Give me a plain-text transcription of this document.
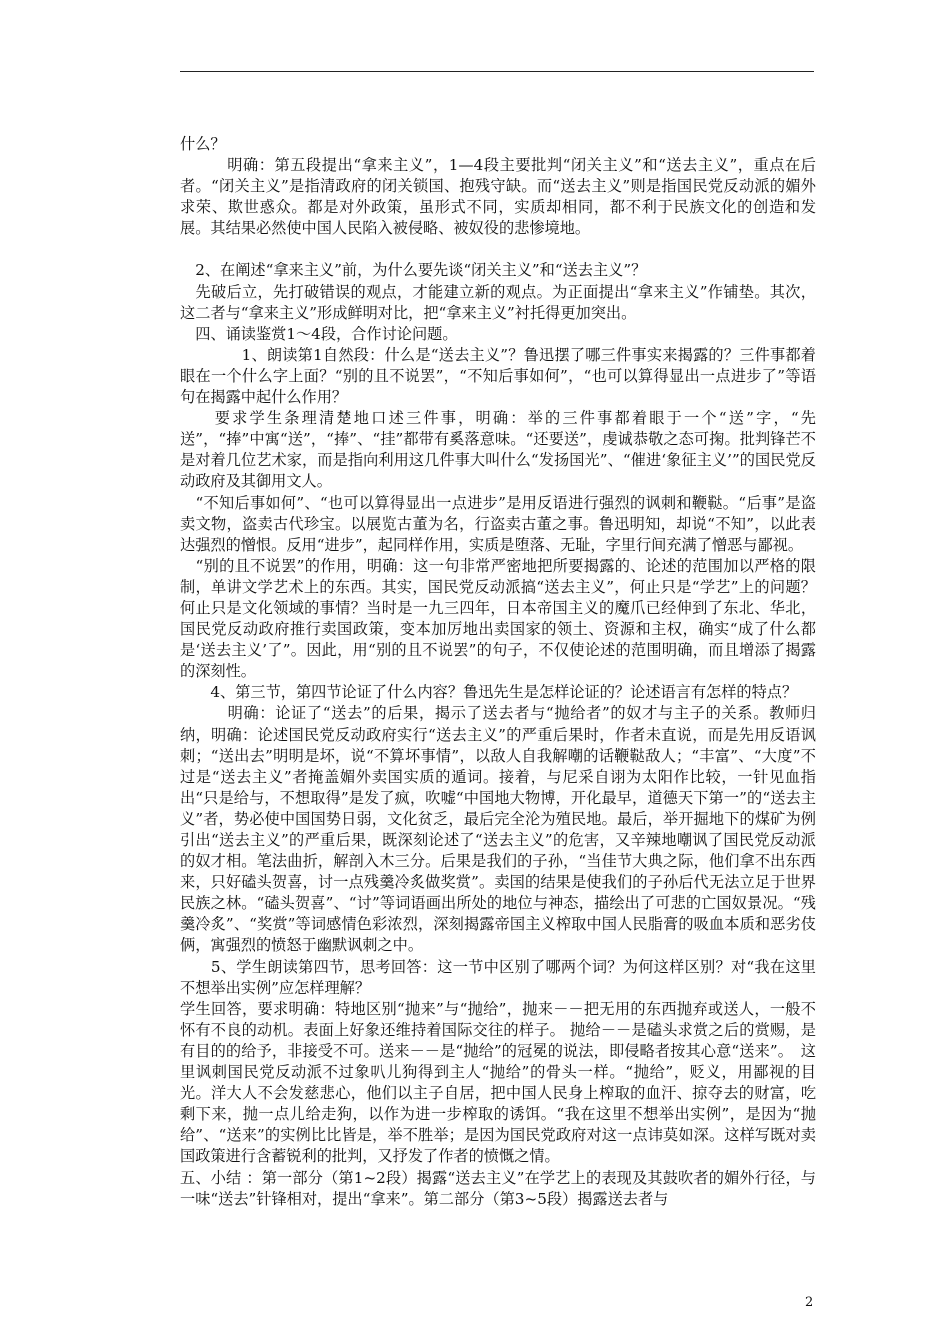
什么？

　　　明确：第五段提出“拿来主义”，1—4段主要批判“闭关主义”和“送去主义”，重点在后者。“闭关主义”是指清政府的闭关锁国、抱残守缺。而“送去主义”则是指国民党反动派的媚外求荣、欺世惑众。都是对外政策，虽形式不同，实质却相同，都不利于民族文化的创造和发展。其结果必然使中国人民陷入被侵略、被奴役的悲惨境地。

　2、在阐述“拿来主义”前，为什么要先谈“闭关主义”和“送去主义”？

　先破后立，先打破错误的观点，才能建立新的观点。为正面提出“拿来主义”作铺垫。其次，这二者与“拿来主义”形成鲜明对比，把“拿来主义”衬托得更加突出。

　四、诵读鉴赏1～4段，合作讨论问题。

　　　　1、朗读第1自然段：什么是“送去主义”？鲁迅摆了哪三件事实来揭露的？三件事都着眼在一个什么字上面？“别的且不说罢”，“不知后事如何”，“也可以算得显出一点进步了”等语句在揭露中起什么作用？

　　要求学生条理清楚地口述三件事，明确：举的三件事都着眼于一个“送”字，“先送”，“捧”中寓“送”，“捧”、“挂”都带有奚落意味。“还要送”，虔诚恭敬之态可掬。批判锋芒不是对着几位艺术家，而是指向利用这几件事大叫什么“发扬国光”、“催进‘象征主义’”的国民党反动政府及其御用文人。

　“不知后事如何”、“也可以算得显出一点进步”是用反语进行强烈的讽刺和鞭鞑。“后事”是盗卖文物，盗卖古代珍宝。以展览古董为名，行盗卖古董之事。鲁迅明知，却说“不知”，以此表达强烈的憎恨。反用“进步”，起同样作用，实质是堕落、无耻，字里行间充满了憎恶与鄙视。

　“别的且不说罢”的作用，明确：这一句非常严密地把所要揭露的、论述的范围加以严格的限制，单讲文学艺术上的东西。其实，国民党反动派搞“送去主义”，何止只是“学艺”上的问题？何止只是文化领域的事情？当时是一九三四年，日本帝国主义的魔爪已经伸到了东北、华北，国民党反动政府推行卖国政策，变本加厉地出卖国家的领土、资源和主权，确实“成了什么都是‘送去主义’了”。因此，用“别的且不说罢”的句子，不仅使论述的范围明确，而且增添了揭露的深刻性。

　　4、第三节，第四节论证了什么内容？鲁迅先生是怎样论证的？论述语言有怎样的特点？

　　　明确：论证了“送去”的后果，揭示了送去者与“抛给者”的奴才与主子的关系。教师归纳，明确：论述国民党反动政府实行“送去主义”的严重后果时，作者未直说，而是先用反语讽刺；“送出去”明明是坏，说“不算坏事情”，以敌人自我解嘲的话鞭鞑敌人；“丰富”、“大度”不过是“送去主义”者掩盖媚外卖国实质的遁词。接着，与尼采自诩为太阳作比较，一针见血指出“只是给与，不想取得”是发了疯，吹嘘“中国地大物博，开化最早，道德天下第一”的“送去主义”者，势必使中国国势日弱，文化贫乏，最后完全沦为殖民地。最后，举开掘地下的煤矿为例引出“送去主义”的严重后果，既深刻论述了“送去主义”的危害，又辛辣地嘲讽了国民党反动派的奴才相。笔法曲折，解剖入木三分。后果是我们的子孙，“当佳节大典之际，他们拿不出东西来，只好磕头贺喜，讨一点残羹冷炙做奖赏”。卖国的结果是使我们的子孙后代无法立足于世界民族之林。“磕头贺喜”、“讨”等词语画出所处的地位与神态，描绘出了可悲的亡国奴景况。“残羹冷炙”、“奖赏”等词感情色彩浓烈，深刻揭露帝国主义榨取中国人民脂膏的吸血本质和恶劣伎俩，寓强烈的愤怒于幽默讽刺之中。

　　5、学生朗读第四节，思考回答：这一节中区别了哪两个词？为何这样区别？对“我在这里不想举出实例”应怎样理解？

学生回答，要求明确：特地区别“抛来”与“抛给”，抛来－－把无用的东西抛弃或送人，一般不怀有不良的动机。表面上好象还维持着国际交往的样子。 抛给－－是磕头求赏之后的赏赐，是有目的的给予，非接受不可。送来－－是“抛给”的冠冕的说法，即侵略者按其心意“送来”。　这里讽刺国民党反动派不过象叭儿狗得到主人“抛给”的骨头一样。“抛给”，贬义，用鄙视的目光。洋大人不会发慈悲心，他们以主子自居，把中国人民身上榨取的血汗、掠夺去的财富，吃剩下来，抛一点儿给走狗，以作为进一步榨取的诱饵。“我在这里不想举出实例”，是因为“抛给”、“送来”的实例比比皆是，举不胜举；是因为国民党政府对这一点讳莫如深。这样写既对卖国政策进行含蓄锐利的批判，又抒发了作者的愤慨之情。

五、小结 ：第一部分（第1~2段）揭露“送去主义”在学艺上的表现及其鼓吹者的媚外行径，与一味“送去”针锋相对，提出“拿来”。第二部分（第3~5段）揭露送去者与

2
